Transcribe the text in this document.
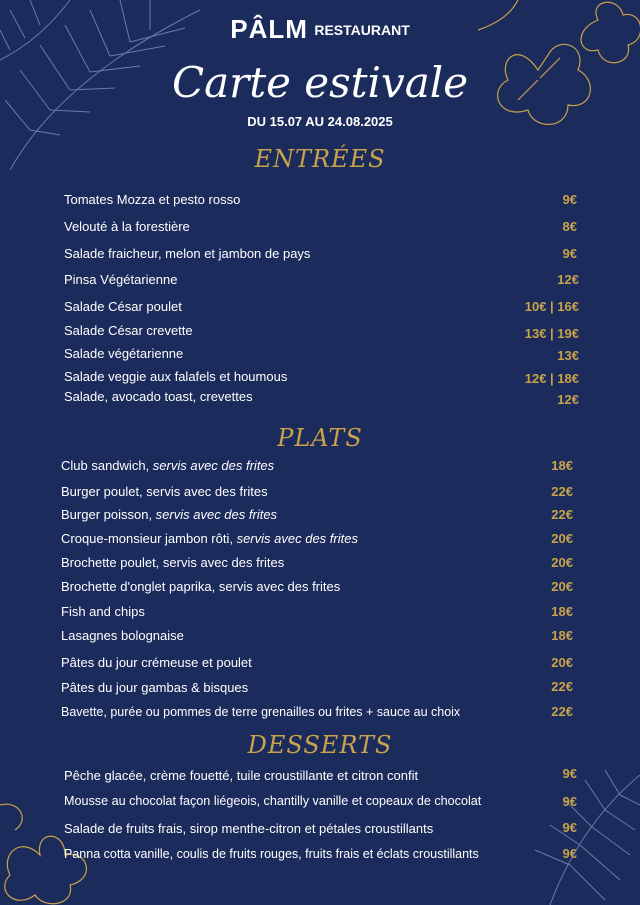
PÂLM RESTAURANT
Carte estivale
DU 15.07 AU 24.08.2025
ENTRÉES
Tomates Mozza et pesto rosso	9€
Velouté à la forestière	8€
Salade fraicheur, melon et jambon de pays	9€
Pinsa Végétarienne	12€
Salade César poulet	10€ | 16€
Salade César crevette	13€ | 19€
Salade végétarienne	13€
Salade veggie aux falafels et houmous	12€ | 18€
Salade, avocado toast, crevettes	12€
PLATS
Club sandwich, servis avec des frites	18€
Burger poulet, servis avec des frites	22€
Burger poisson, servis avec des frites	22€
Croque-monsieur jambon rôti, servis avec des frites	20€
Brochette poulet, servis avec des frites	20€
Brochette d'onglet paprika, servis avec des frites	20€
Fish and chips	18€
Lasagnes bolognaise	18€
Pâtes du jour crémeuse et poulet	20€
Pâtes du jour gambas & bisques	22€
Bavette, purée ou pommes de terre grenailles ou frites + sauce au choix	22€
DESSERTS
Pêche glacée, crème fouetté, tuile croustillante et citron confit	9€
Mousse au chocolat façon liégeois, chantilly vanille et copeaux de chocolat	9€
Salade de fruits frais, sirop menthe-citron et pétales croustillants	9€
Panna cotta vanille, coulis de fruits rouges, fruits frais et éclats croustillants	9€
